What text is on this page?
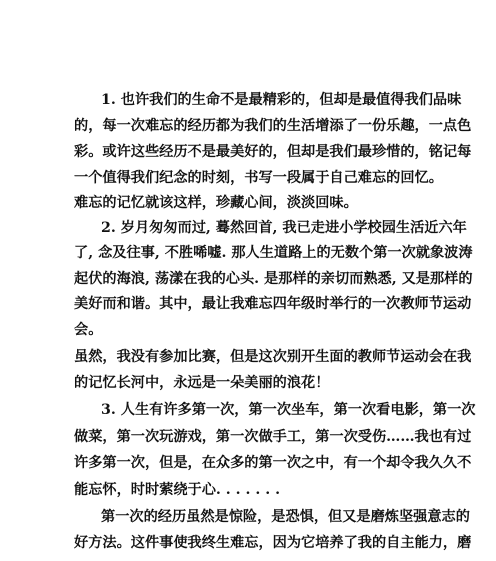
1. 也许我们的生命不是最精彩的，但却是最值得我们品味
的，每一次难忘的经历都为我们的生活增添了一份乐趣，一点色
彩。或许这些经历不是最美好的，但却是我们最珍惜的，铭记每
一个值得我们纪念的时刻，书写一段属于自己难忘的回忆。
难忘的记忆就该这样，珍藏心间，淡淡回味。
2. 岁月匆匆而过, 蓦然回首, 我已走进小学校园生活近六年
了, 念及往事, 不胜唏嘘. 那人生道路上的无数个第一次就象波涛
起伏的海浪, 荡漾在我的心头. 是那样的亲切而熟悉, 又是那样的
美好而和谐。其中，最让我难忘四年级时举行的一次教师节运动
会。
虽然，我没有参加比赛，但是这次别开生面的教师节运动会在我
的记忆长河中，永远是一朵美丽的浪花！
3. 人生有许多第一次，第一次坐车，第一次看电影，第一次
做菜，第一次玩游戏，第一次做手工，第一次受伤……我也有过
许多第一次，但是，在众多的第一次之中，有一个却令我久久不
能忘怀，时时萦绕于心. . . . . . .
第一次的经历虽然是惊险，是恐惧，但又是磨炼坚强意志的
好方法。这件事使我终生难忘，因为它培养了我的自主能力，磨
